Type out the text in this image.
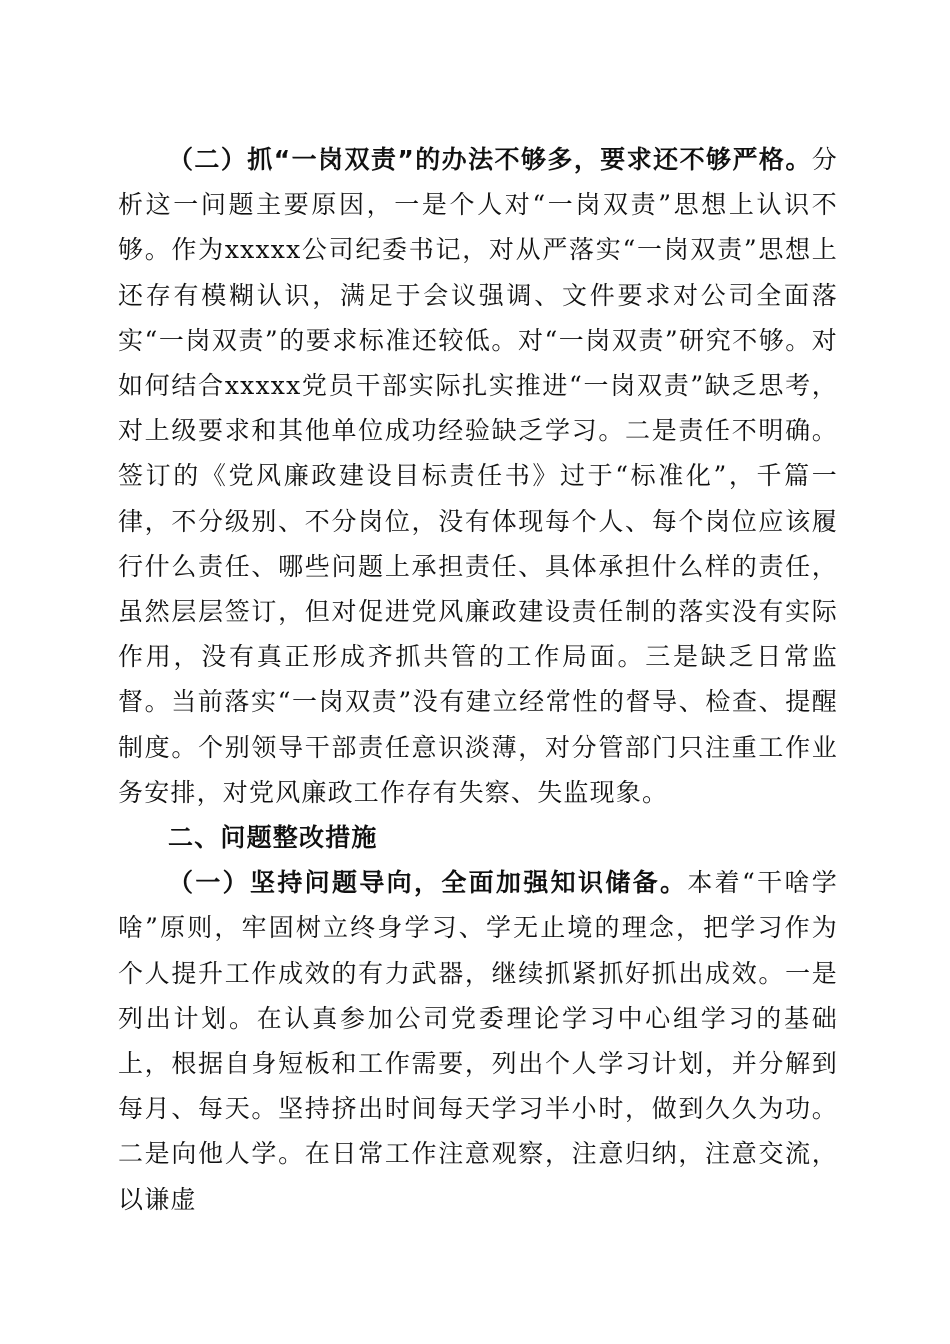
（二）抓“一岗双责”的办法不够多，要求还不够严格。分析这一问题主要原因，一是个人对“一岗双责”思想上认识不够。作为xxxxx公司纪委书记，对从严落实“一岗双责”思想上还存有模糊认识，满足于会议强调、文件要求对公司全面落实“一岗双责”的要求标准还较低。对“一岗双责”研究不够。对如何结合xxxxx党员干部实际扎实推进“一岗双责”缺乏思考，对上级要求和其他单位成功经验缺乏学习。二是责任不明确。签订的《党风廉政建设目标责任书》过于“标准化”，千篇一律，不分级别、不分岗位，没有体现每个人、每个岗位应该履行什么责任、哪些问题上承担责任、具体承担什么样的责任，虽然层层签订，但对促进党风廉政建设责任制的落实没有实际作用，没有真正形成齐抓共管的工作局面。三是缺乏日常监督。当前落实“一岗双责”没有建立经常性的督导、检查、提醒制度。个别领导干部责任意识淡薄，对分管部门只注重工作业务安排，对党风廉政工作存有失察、失监现象。

二、问题整改措施

（一）坚持问题导向，全面加强知识储备。本着“干啥学啥”原则，牢固树立终身学习、学无止境的理念，把学习作为个人提升工作成效的有力武器，继续抓紧抓好抓出成效。一是列出计划。在认真参加公司党委理论学习中心组学习的基础上，根据自身短板和工作需要，列出个人学习计划，并分解到每月、每天。坚持挤出时间每天学习半小时，做到久久为功。二是向他人学。在日常工作注意观察，注意归纳，注意交流，以谦虚
